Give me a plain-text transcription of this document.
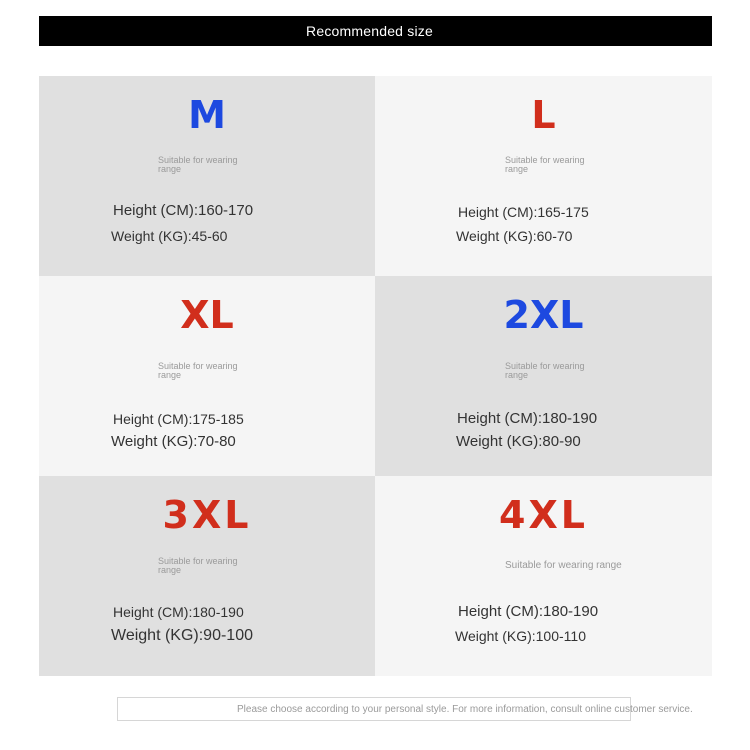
Recommended size
M
Suitable for wearing range
Height (CM):160-170
Weight (KG):45-60
L
Suitable for wearing range
Height (CM):165-175
Weight (KG):60-70
XL
Suitable for wearing range
Height (CM):175-185
Weight (KG):70-80
2XL
Suitable for wearing range
Height (CM):180-190
Weight (KG):80-90
3XL
Suitable for wearing range
Height (CM):180-190
Weight (KG):90-100
4XL
Suitable for wearing range
Height (CM):180-190
Weight (KG):100-110
Please choose according to your personal style. For more information, consult online customer service.
